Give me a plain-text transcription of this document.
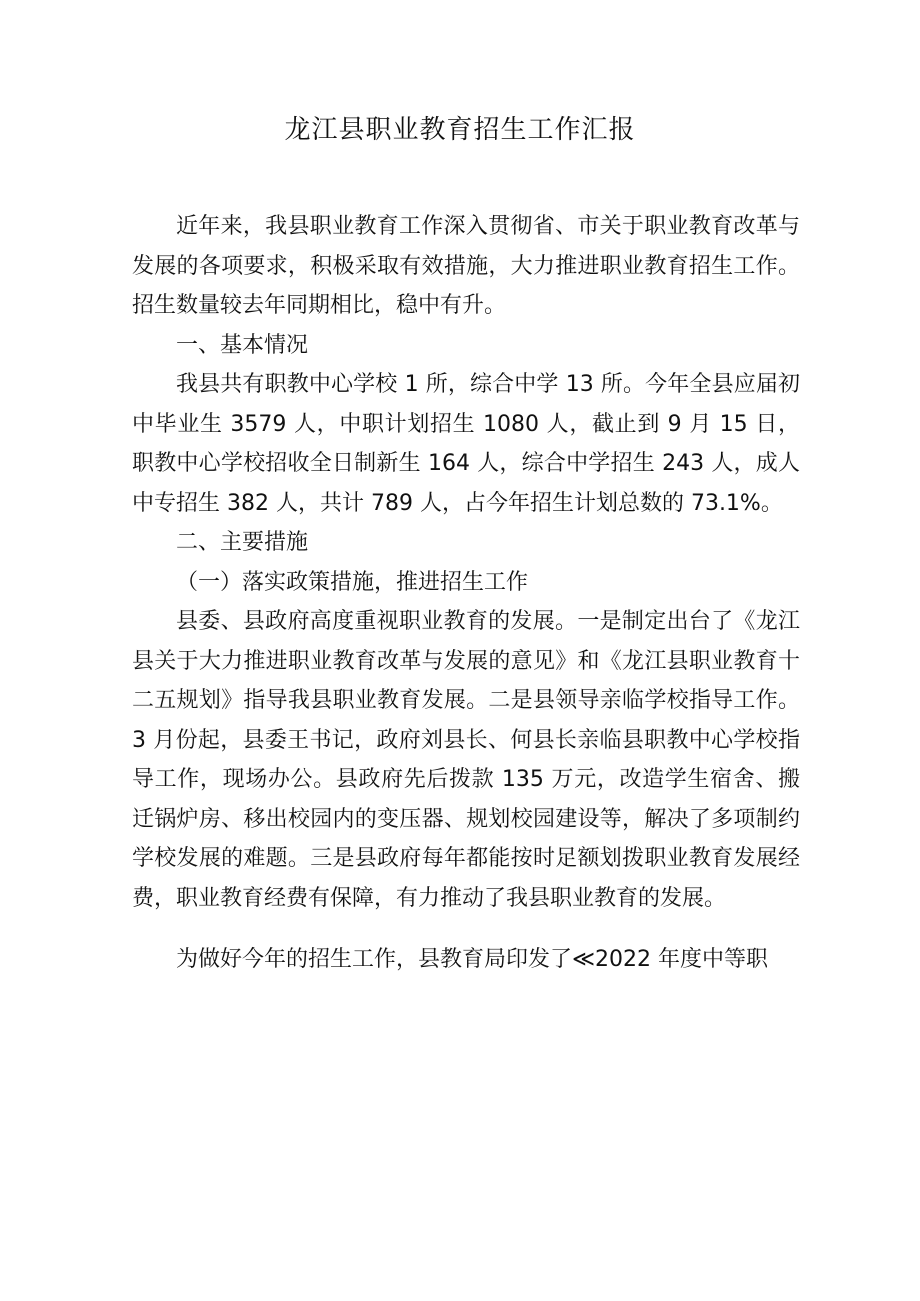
龙江县职业教育招生工作汇报

近年来，我县职业教育工作深入贯彻省、市关于职业教育改革与发展的各项要求，积极采取有效措施，大力推进职业教育招生工作。招生数量较去年同期相比，稳中有升。

一、基本情况

我县共有职教中心学校 1 所，综合中学 13 所。今年全县应届初中毕业生 3579 人，中职计划招生 1080 人，截止到 9 月 15 日，职教中心学校招收全日制新生 164 人，综合中学招生 243 人，成人中专招生 382 人，共计 789 人，占今年招生计划总数的 73.1%。

二、主要措施

（一）落实政策措施，推进招生工作

县委、县政府高度重视职业教育的发展。一是制定出台了《龙江县关于大力推进职业教育改革与发展的意见》和《龙江县职业教育十二五规划》指导我县职业教育发展。二是县领导亲临学校指导工作。3 月份起，县委王书记，政府刘县长、何县长亲临县职教中心学校指导工作，现场办公。县政府先后拨款 135 万元，改造学生宿舍、搬迁锅炉房、移出校园内的变压器、规划校园建设等，解决了多项制约学校发展的难题。三是县政府每年都能按时足额划拨职业教育发展经费，职业教育经费有保障，有力推动了我县职业教育的发展。

为做好今年的招生工作，县教育局印发了≪2022 年度中等职
